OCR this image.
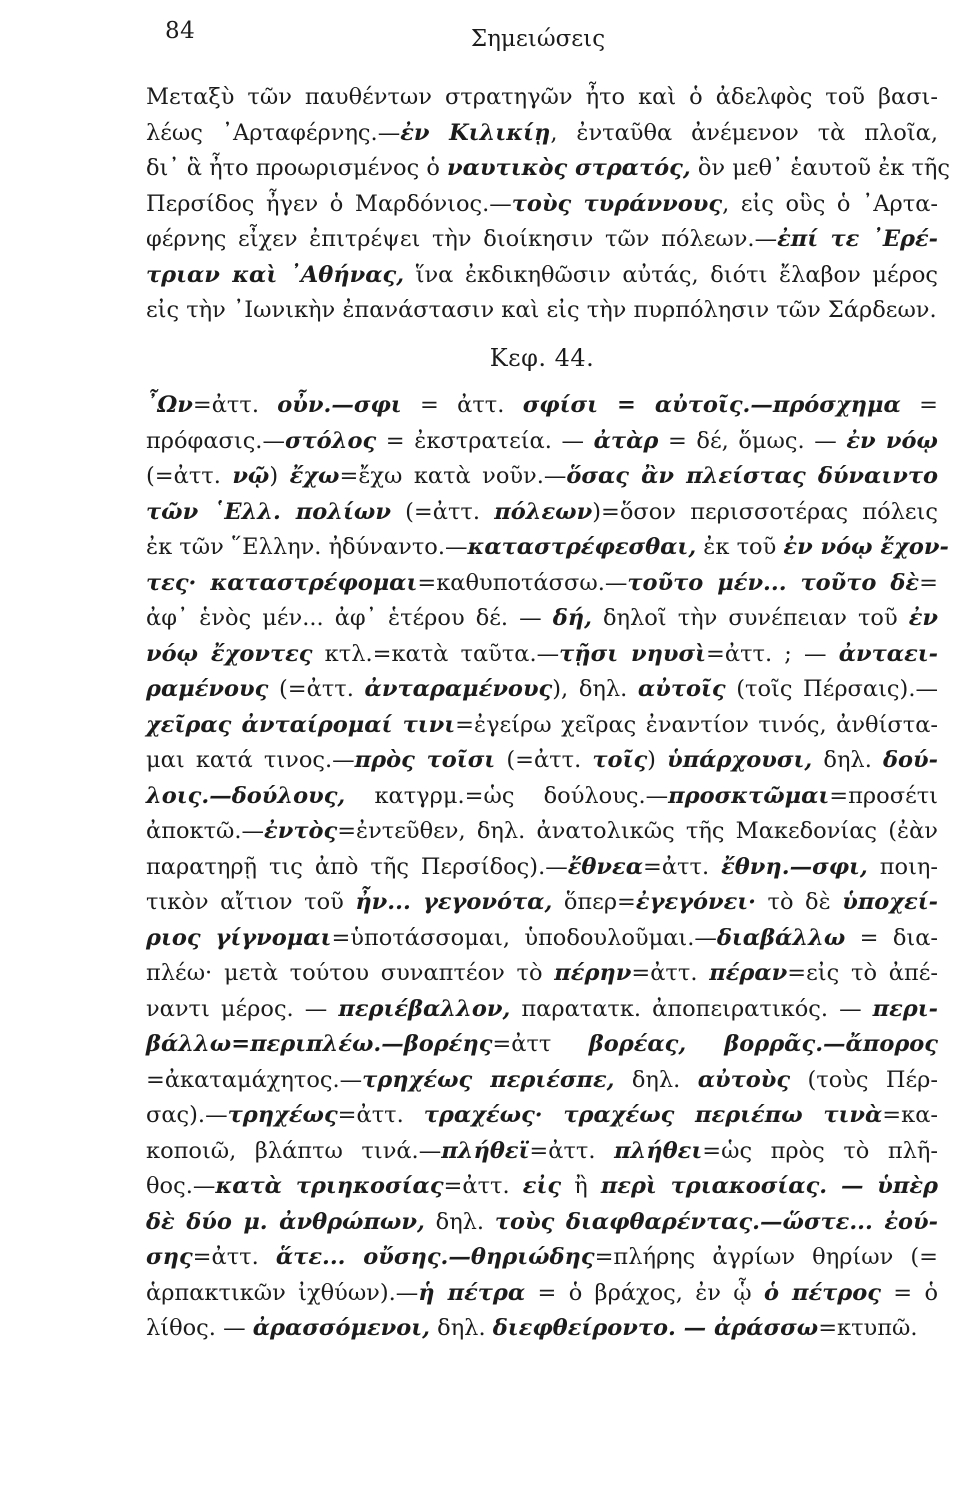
84	Σημειώσεις
Μεταξὺ τῶν παυθέντων στρατηγῶν ἦτο καὶ ὁ ἀδελφὸς τοῦ βασι-
λέως ᾿Αρταφέρνης.—ἐν Κιλικίῃ, ἐνταῦθα ἀνέμενον τὰ πλοῖα,
δι᾿ ἃ ἦτο προωρισμένος ὁ ναυτικὸς στρατός, ὃν μεθ᾿ ἑαυτοῦ ἐκ τῆς
Περσίδος ἦγεν ὁ Μαρδόνιος.—τοὺς τυράννους, εἰς οὓς ὁ ᾿Αρτα-
φέρνης εἶχεν ἐπιτρέψει τὴν διοίκησιν τῶν πόλεων.—ἐπί τε ᾿Ερέ-
τριαν καὶ ᾿Αθήνας, ἵνα ἐκδικηθῶσιν αὐτάς, διότι ἔλαβον μέρος
εἰς τὴν ᾿Ιωνικὴν ἐπανάστασιν καὶ εἰς τὴν πυρπόλησιν τῶν Σάρδεων.
Κεφ. 44.
῏Ων=ἀττ. οὖν.—σφι = ἀττ. σφίσι = αὐτοῖς.—πρόσχημα =
πρόφασις.—στόλος = ἐκστρατεία. — ἀτὰρ = δέ, ὅμως. — ἐν νόῳ
(=ἀττ. νῷ) ἔχω=ἔχω κατὰ νοῦν.—ὅσας ἂν πλείστας δύναιντο
τῶν ῾Ελλ. πολίων (=ἀττ. πόλεων)=ὅσον περισσοτέρας πόλεις
ἐκ τῶν ῞Ελλην. ἠδύναντο.—καταστρέφεσθαι, ἐκ τοῦ ἐν νόῳ ἔχον-
τες· καταστρέφομαι=καθυποτάσσω.—τοῦτο μέν... τοῦτο δὲ=
ἀφ᾿ ἑνὸς μέν... ἀφ᾿ ἑτέρου δέ. — δή, δηλοῖ τὴν συνέπειαν τοῦ ἐν
νόῳ ἔχοντες κτλ.=κατὰ ταῦτα.—τῇσι νηυσὶ=ἀττ. ; — ἀνταει-
ραμένους (=ἀττ. ἀνταραμένους), δηλ. αὐτοῖς (τοῖς Πέρσαις).—
χεῖρας ἀνταίρομαί τινι=ἐγείρω χεῖρας ἐναντίον τινός, ἀνθίστα-
μαι κατά τινος.—πρὸς τοῖσι (=ἀττ. τοῖς) ὑπάρχουσι, δηλ. δού-
λοις.—δούλους, κατγρμ.=ὡς δούλους.—προσκτῶμαι=προσέτι
ἀποκτῶ.—ἐντὸς=ἐντεῦθεν, δηλ. ἀνατολικῶς τῆς Μακεδονίας (ἐὰν
παρατηρῇ τις ἀπὸ τῆς Περσίδος).—ἔθνεα=ἀττ. ἔθνη.—σφι, ποιη-
τικὸν αἴτιον τοῦ ἦν... γεγονότα, ὅπερ=ἐγεγόνει· τὸ δὲ ὑποχεί-
ριος γίγνομαι=ὑποτάσσομαι, ὑποδουλοῦμαι.—διαβάλλω = δια-
πλέω· μετὰ τούτου συναπτέον τὸ πέρην=ἀττ. πέραν=εἰς τὸ ἀπέ-
ναντι μέρος. — περιέβαλλον, παρατατκ. ἀποπειρατικός. — περι-
βάλλω=περιπλέω.—βορέης=ἀττ βορέας, βορρᾶς.—ἄπορος
=ἀκαταμάχητος.—τρηχέως περιέσπε, δηλ. αὐτοὺς (τοὺς Πέρ-
σας).—τρηχέως=ἀττ. τραχέως· τραχέως περιέπω τινὰ=κα-
κοποιῶ, βλάπτω τινά.—πλήθεϊ=ἀττ. πλήθει=ὡς πρὸς τὸ πλῆ-
θος.—κατὰ τριηκοσίας=ἀττ. εἰς ἢ περὶ τριακοσίας. — ὑπὲρ
δὲ δύο μ. ἀνθρώπων, δηλ. τοὺς διαφθαρέντας.—ὥστε... ἐού-
σης=ἀττ. ἅτε... οὔσης.—θηριώδης=πλήρης ἀγρίων θηρίων (=
ἁρπακτικῶν ἰχθύων).—ἡ πέτρα = ὁ βράχος, ἐν ᾧ ὁ πέτρος = ὁ
λίθος. — ἀρασσόμενοι, δηλ. διεφθείροντο. — ἀράσσω=κτυπῶ.
